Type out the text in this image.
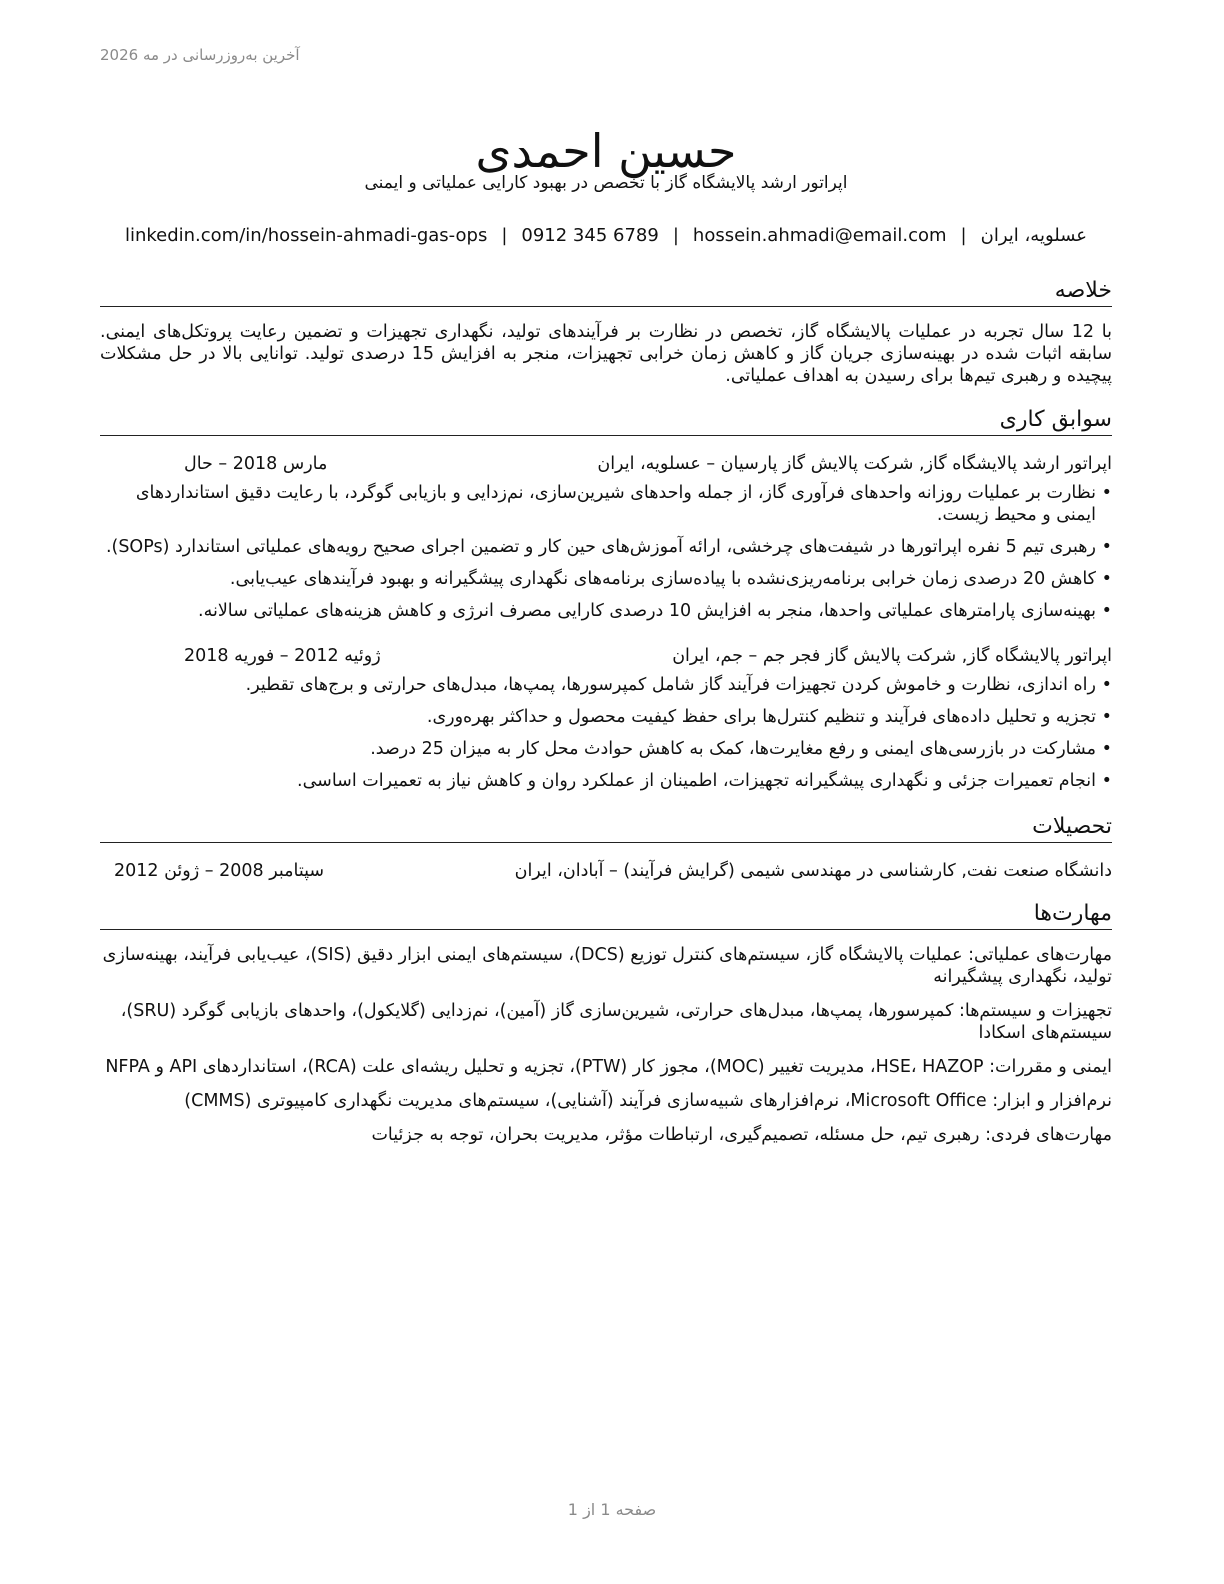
آخرین به‌روزرسانی در مه 2026
حسین احمدی
اپراتور ارشد پالایشگاه گاز با تخصص در بهبود کارایی عملیاتی و ایمنی
عسلویه، ایران|hossein.ahmadi@email.com|0912 345 6789|linkedin.com/in/hossein-ahmadi-gas-ops
خلاصه

با 12 سال تجربه در عملیات پالایشگاه گاز، تخصص در نظارت بر فرآیندهای تولید، نگهداری تجهیزات و تضمین رعایت پروتکل‌های ایمنی. سابقه اثبات شده در بهینه‌سازی جریان گاز و کاهش زمان خرابی تجهیزات، منجر به افزایش 15 درصدی تولید. توانایی بالا در حل مشکلات پیچیده و رهبری تیم‌ها برای رسیدن به اهداف عملیاتی.

سوابق کاری
اپراتور ارشد پالایشگاه گاز, شرکت پالایش گاز پارسیان – عسلویه، ایران
مارس 2018 – حال
•
نظارت بر عملیات روزانه واحدهای فرآوری گاز، از جمله واحدهای شیرین‌سازی، نم‌زدایی و بازیابی گوگرد، با رعایت دقیق استانداردهای ایمنی و محیط زیست.
•
رهبری تیم 5 نفره اپراتورها در شیفت‌های چرخشی، ارائه آموزش‌های حین کار و تضمین اجرای صحیح رویه‌های عملیاتی استاندارد (SOPs).
•
کاهش 20 درصدی زمان خرابی برنامه‌ریزی‌نشده با پیاده‌سازی برنامه‌های نگهداری پیشگیرانه و بهبود فرآیندهای عیب‌یابی.
•
بهینه‌سازی پارامترهای عملیاتی واحدها، منجر به افزایش 10 درصدی کارایی مصرف انرژی و کاهش هزینه‌های عملیاتی سالانه.
اپراتور پالایشگاه گاز, شرکت پالایش گاز فجر جم – جم، ایران
ژوئیه 2012 – فوریه 2018
•
راه اندازی، نظارت و خاموش کردن تجهیزات فرآیند گاز شامل کمپرسورها، پمپ‌ها، مبدل‌های حرارتی و برج‌های تقطیر.
•
تجزیه و تحلیل داده‌های فرآیند و تنظیم کنترل‌ها برای حفظ کیفیت محصول و حداکثر بهره‌وری.
•
مشارکت در بازرسی‌های ایمنی و رفع مغایرت‌ها، کمک به کاهش حوادث محل کار به میزان 25 درصد.
•
انجام تعمیرات جزئی و نگهداری پیشگیرانه تجهیزات، اطمینان از عملکرد روان و کاهش نیاز به تعمیرات اساسی.
تحصیلات
دانشگاه صنعت نفت, کارشناسی در مهندسی شیمی (گرایش فرآیند) – آبادان، ایران
سپتامبر 2008 – ژوئن 2012
مهارت‌ها

مهارت‌های عملیاتی: عملیات پالایشگاه گاز، سیستم‌های کنترل توزیع (DCS)، سیستم‌های ایمنی ابزار دقیق (SIS)، عیب‌یابی فرآیند، بهینه‌سازی تولید، نگهداری پیشگیرانه

تجهیزات و سیستم‌ها: کمپرسورها، پمپ‌ها، مبدل‌های حرارتی، شیرین‌سازی گاز (آمین)، نم‌زدایی (گلایکول)، واحدهای بازیابی گوگرد (SRU)، سیستم‌های اسکادا

ایمنی و مقررات: HSE، HAZOP، مدیریت تغییر (MOC)، مجوز کار (PTW)، تجزیه و تحلیل ریشه‌ای علت (RCA)، استانداردهای API و NFPA

نرم‌افزار و ابزار: Microsoft Office، نرم‌افزارهای شبیه‌سازی فرآیند (آشنایی)، سیستم‌های مدیریت نگهداری کامپیوتری (CMMS)

مهارت‌های فردی: رهبری تیم، حل مسئله، تصمیم‌گیری، ارتباطات مؤثر، مدیریت بحران، توجه به جزئیات

صفحه 1 از 1
